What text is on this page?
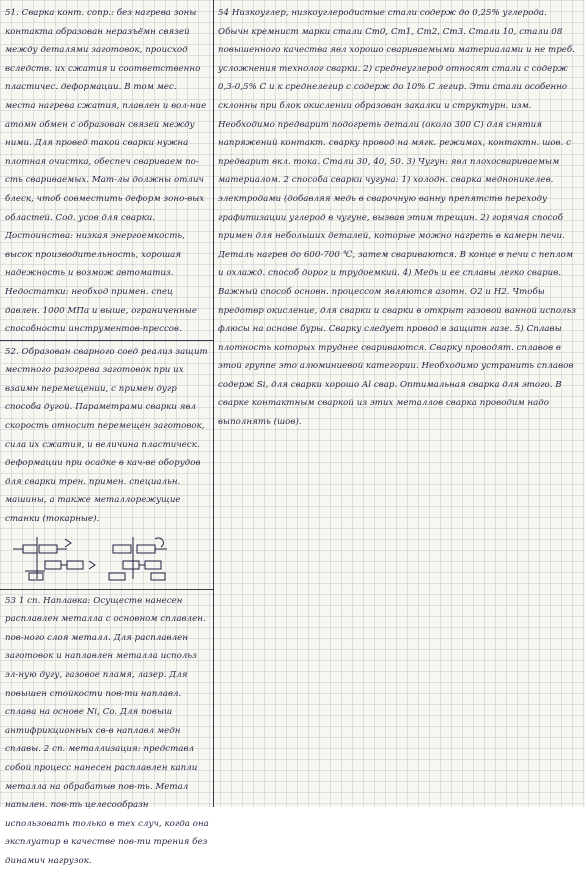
51. Сварка конт. сопр.: без нагрева зоны контакта образован неразъёмн связей между деталями заготовок, происход вследств. их сжатия и соответственно пластичес. деформации. В том мес. места нагрева сжатия, плавлен и вол-ние атомн обмен с образован связей между ними. Для провед такой сварки нужна плотная очистка, обеспеч свариваем по-сть свариваемых. Мат-лы должны отлич блеск, чтоб совместить деформ зоно-вых областей. Сод. усов для сварки. Достоинства: низкая энергоемкость, высок производительность, хорошая надежность и возмож автоматиз. Недостатки: необход примен. спец давлен. 1000 МПа и выше, ограниченные способности инструментов-прессов.

52. Образован сварного соед реализ защит местного разогрева заготовок при их взаимн перемещении, с примен дугр способа дугой. Параметрами сварки явл скорость относит перемещен заготовок, сила их сжатия, и величина пластическ. деформации при осадке в кач-ве оборудов для сварки трен. примен. специальн. машины, а также металлорежущие станки (токарные).

53 1 сп. Наплавка: Осуществ нанесен расплавлен металла с основном сплавлен. пов-ного слоя металл. Для расплавлен заготовок и наплавлен металла использ эл-ную дугу, газовое пламя, лазер. Для повышен стойкости пов-ти наплавл. сплава на основе Ni, Co. Для повыш антифрикционных св-в наплавл медн сплавы. 2 сп. металлизация: представл собой процесс нанесен расплавлен капли металла на обрабатыв пов-ть. Метал напылен. пов-ть целесообразн использовать только в тех случ, когда она эксплуатир в качестве пов-ти трения без динамич нагрузок.

54 Низкоуглер, низкоуглеродистые стали содерж до 0,25% углерода. Обычн кремнист марки стали Ст0, Ст1, Ст2, Ст3. Стали 10, стали 08 повышенного качества явл хорошо свариваемыми материалами и не треб. усложнения технолог сварки. 2) среднеуглерод относят стали с содерж 0,3-0,5% С и к среднелегир с содерж до 10% С легир. Эти стали особенно склонны при блок окислении образован закалки и структурн. изм. Необходимо предварит подогреть детали (около 300 С) для снятия напряжений контакт. сварку провод на мягк. режимах, контактн. шов. с предварит вкл. тока. Стали 30, 40, 50. 3) Чугун: явл плохосвариваемым материалом. 2 способа сварки чугуна: 1) холодн. сварка медноникелев. электродами (добавляя медь в сварочную ванну препятств переходу графитизации углерод в чугуне, вызвав этим трещин. 2) горячая способ примен для небольших деталей, которые можно нагреть в камерн печи. Деталь нагрев до 600-700 ℃, затем свариваются. В конце в печи с пеплом и охлажд. способ дорог и трудоемкий. 4) Медь и ее сплавы легко сварив. Важный способ основн. процессом являются азотн. О2 и Н2. Чтобы предотвр окисление, для сварки и сварки в открыт газовой ванной использ флюсы на основе буры. Сварку следует провод в защитн газе. 5) Сплавы плотность которых труднее свариваются. Сварку проводят. сплавов в этой группе это алюминиевой категории. Необходимо устранить сплавов содерж Si, для сварки хорошо Al свар. Оптимальная сварка для этого. В сварке контактным сваркой из этих металлов сварка проводим надо выполнять (шов).
